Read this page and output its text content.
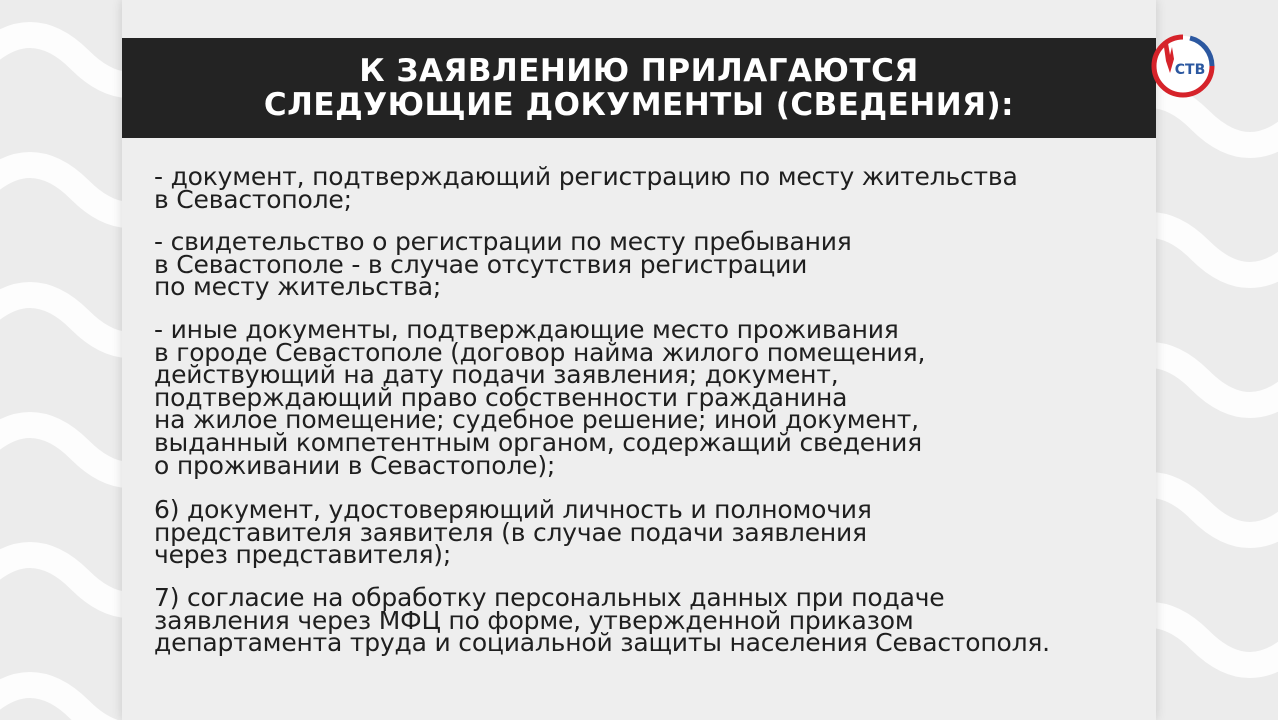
К ЗАЯВЛЕНИЮ ПРИЛАГАЮТСЯ
СЛЕДУЮЩИЕ ДОКУМЕНТЫ (СВЕДЕНИЯ):
- документ, подтверждающий регистрацию по месту жительства
в Севастополе;
- свидетельство о регистрации по месту пребывания
в Севастополе - в случае отсутствия регистрации
по месту жительства;
- иные документы, подтверждающие место проживания
в городе Севастополе (договор найма жилого помещения,
действующий на дату подачи заявления; документ,
подтверждающий право собственности гражданина
на жилое помещение; судебное решение; иной документ,
выданный компетентным органом, содержащий сведения
о проживании в Севастополе);
6) документ, удостоверяющий личность и полномочия
представителя заявителя (в случае подачи заявления
через представителя);
7) согласие на обработку персональных данных при подаче
заявления через МФЦ по форме, утвержденной приказом
департамента труда и социальной защиты населения Севастополя.
СТВ
